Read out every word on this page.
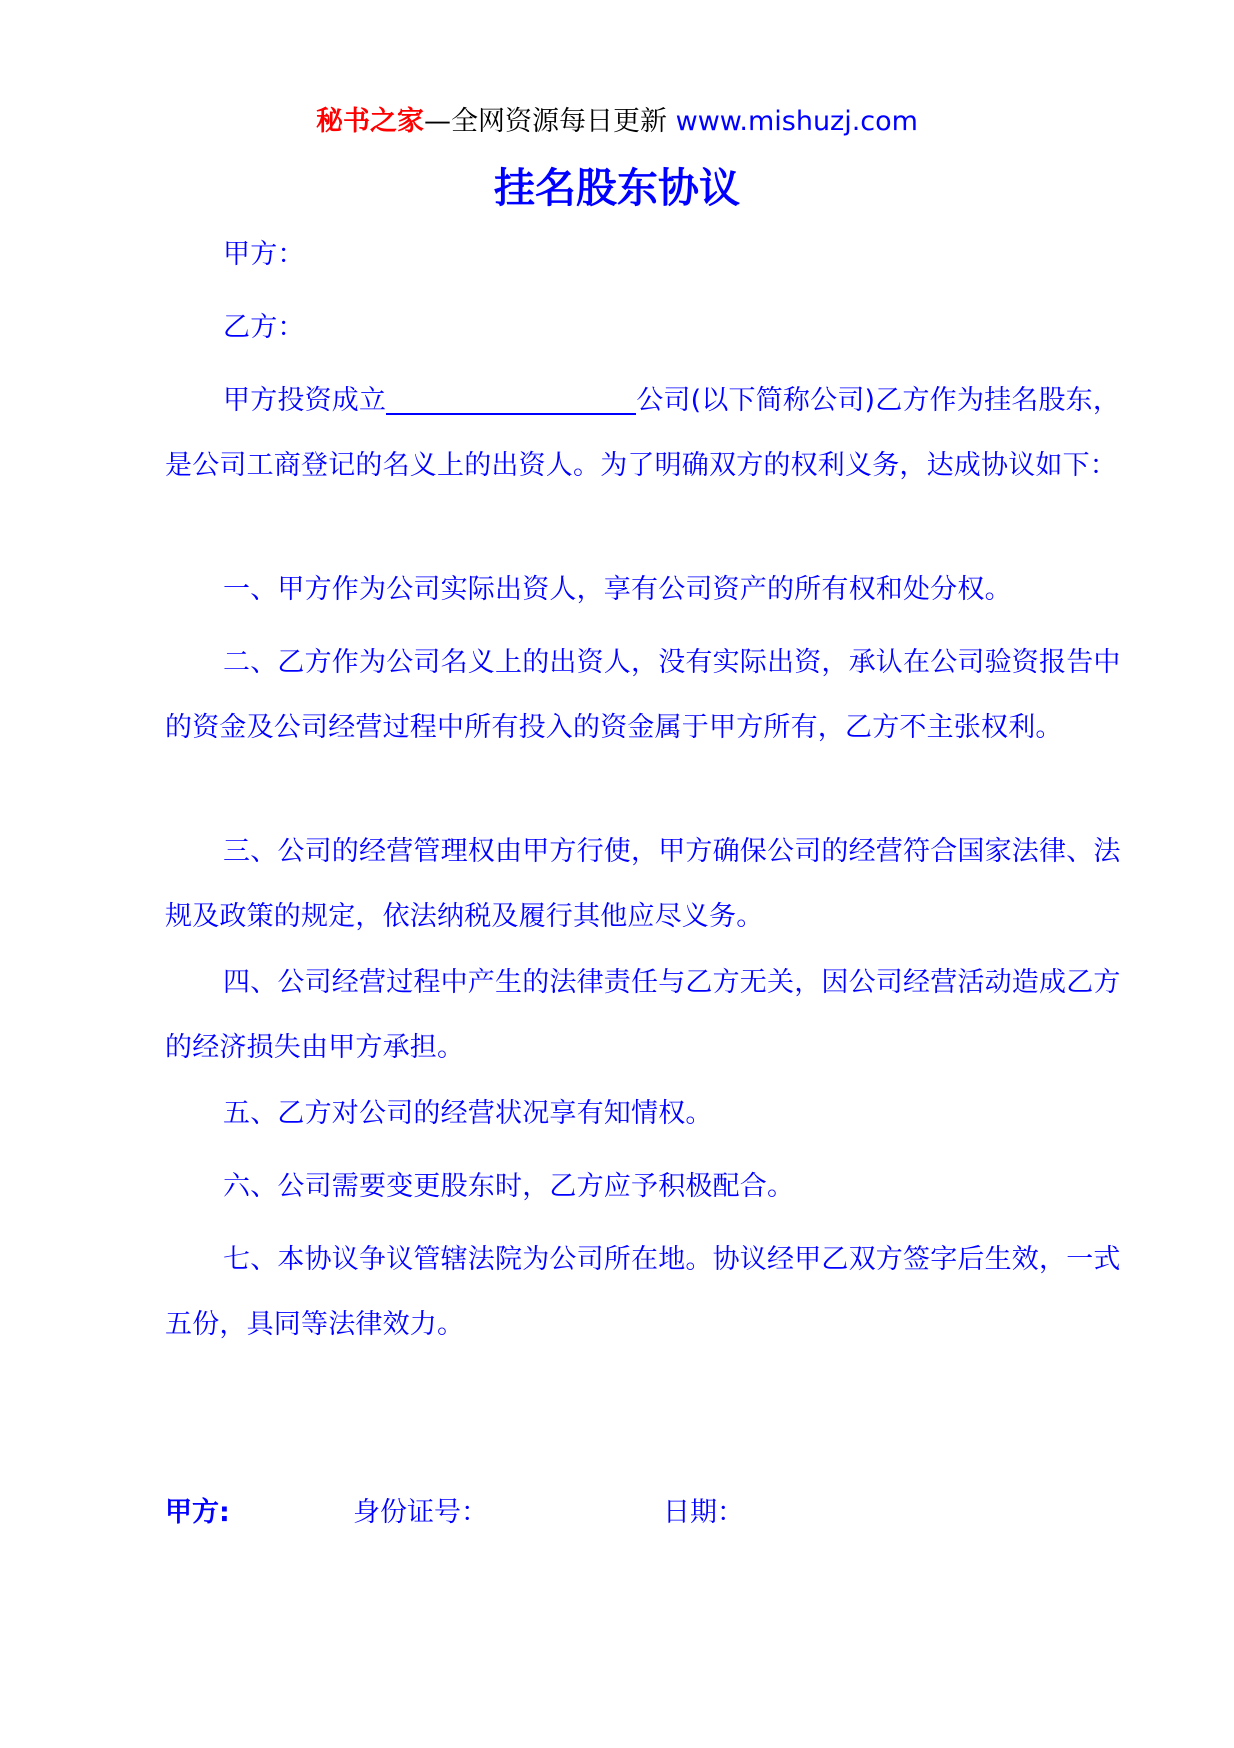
秘书之家—全网资源每日更新 www.mishuzj.com
挂名股东协议

甲方：

乙方：

甲方投资成立	公司(以下简称公司)乙方作为挂名股东，是公司工商登记的名义上的出资人。为了明确双方的权利义务，达成协议如下：

一、甲方作为公司实际出资人，享有公司资产的所有权和处分权。

二、乙方作为公司名义上的出资人，没有实际出资，承认在公司验资报告中的资金及公司经营过程中所有投入的资金属于甲方所有，乙方不主张权利。

三、公司的经营管理权由甲方行使，甲方确保公司的经营符合国家法律、法规及政策的规定，依法纳税及履行其他应尽义务。

四、公司经营过程中产生的法律责任与乙方无关，因公司经营活动造成乙方的经济损失由甲方承担。

五、乙方对公司的经营状况享有知情权。

六、公司需要变更股东时，乙方应予积极配合。

七、本协议争议管辖法院为公司所在地。协议经甲乙双方签字后生效，一式五份，具同等法律效力。

甲方:	身份证号：	日期：
